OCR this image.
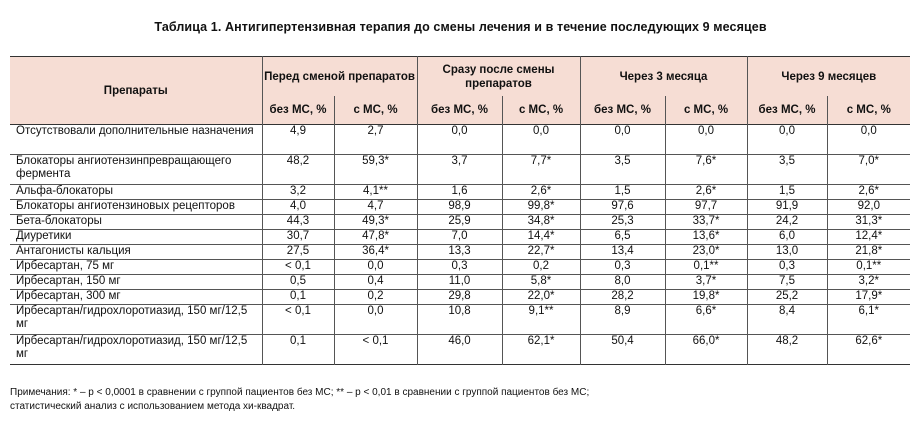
Таблица 1. Антигипертензивная терапия до смены лечения и в течение последующих 9 месяцев
Препараты	Перед сменой препаратов		Сразу после смены препаратов		Через 3 месяца		Через 9 месяцев	
	без МС, %	с МС, %	без МС, %	с МС, %	без МС, %	с МС, %	без МС, %	с МС, %
Отсутствовали дополнительные назначения	4,9	2,7	0,0	0,0	0,0	0,0	0,0	0,0
Блокаторы ангиотензинпревращающего фермента	48,2	59,3*	3,7	7,7*	3,5	7,6*	3,5	7,0*
Альфа-блокаторы	3,2	4,1**	1,6	2,6*	1,5	2,6*	1,5	2,6*
Блокаторы ангиотензиновых рецепторов	4,0	4,7	98,9	99,8*	97,6	97,7	91,9	92,0
Бета-блокаторы	44,3	49,3*	25,9	34,8*	25,3	33,7*	24,2	31,3*
Диуретики	30,7	47,8*	7,0	14,4*	6,5	13,6*	6,0	12,4*
Антагонисты кальция	27,5	36,4*	13,3	22,7*	13,4	23,0*	13,0	21,8*
Ирбесартан, 75 мг	< 0,1	0,0	0,3	0,2	0,3	0,1**	0,3	0,1**
Ирбесартан, 150 мг	0,5	0,4	11,0	5,8*	8,0	3,7*	7,5	3,2*
Ирбесартан, 300 мг	0,1	0,2	29,8	22,0*	28,2	19,8*	25,2	17,9*
Ирбесартан/гидрохлоротиазид, 150 мг/12,5 мг	< 0,1	0,0	10,8	9,1**	8,9	6,6*	8,4	6,1*
Ирбесартан/гидрохлоротиазид, 150 мг/12,5 мг	0,1	< 0,1	46,0	62,1*	50,4	66,0*	48,2	62,6*
Примечания: * – p < 0,0001 в сравнении с группой пациентов без МС; ** – p < 0,01 в сравнении с группой пациентов без МС;
статистический анализ с использованием метода хи-квадрат.
